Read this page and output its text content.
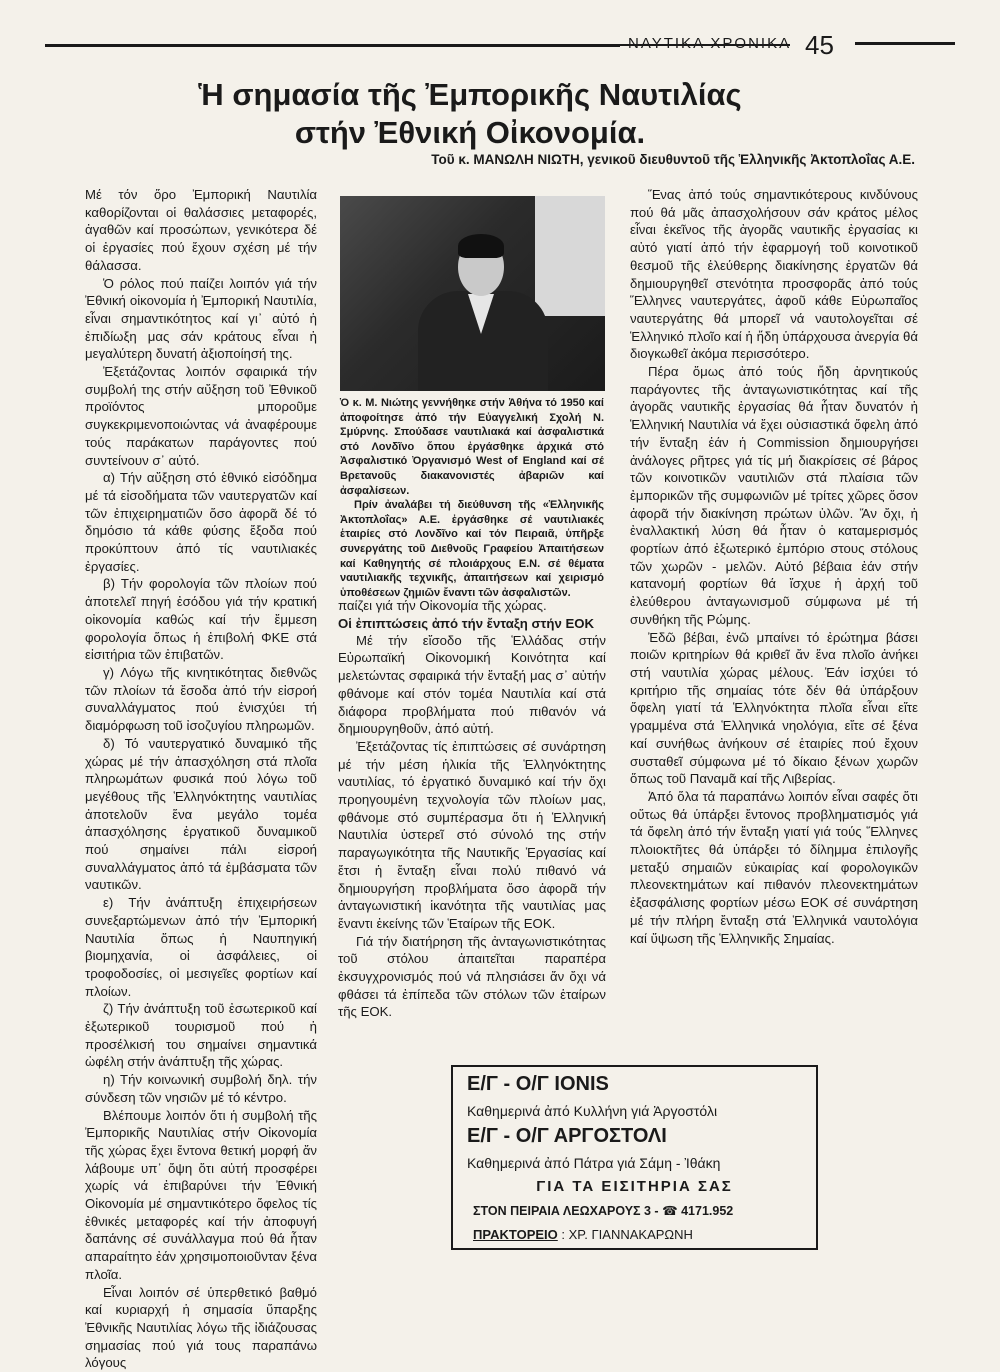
ΝΑΥΤΙΚΑ ΧΡΟΝΙΚΑ 45
Ἡ σημασία τῆς Ἐμπορικῆς Ναυτιλίας
στήν Ἐθνική Οἰκονομία.
Τοῦ κ. ΜΑΝΩΛΗ ΝΙΩΤΗ, γενικοῦ διευθυντοῦ τῆς Ἑλληνικῆς Ἀκτοπλοΐας Α.Ε.

Μέ τόν ὅρο Ἐμπορική Ναυτιλία καθορίζονται οἱ θαλάσσιες μεταφορές, ἀγαθῶν καί προσώπων, γενικότερα δέ οἱ ἐργασίες πού ἔχουν σχέση μέ τήν θάλασσα.

Ὁ ρόλος πού παίζει λοιπόν γιά τήν Ἐθνική οἰκονομία ἡ Ἐμπορική Ναυτιλία, εἶναι σημαντικότητος καί γι᾽ αὐτό ἡ ἐπιδίωξη μας σάν κράτους εἶναι ἡ μεγαλύτερη δυνατή ἀξιοποίησή της.

Ἐξετάζοντας λοιπόν σφαιρικά τήν συμβολή της στήν αὔξηση τοῦ Ἐθνικοῦ προϊόντος μποροῦμε συγκεκριμενοποιώντας νά ἀναφέρουμε τούς παράκατων παράγοντες πού συντείνουν σ᾽ αὐτό.

α) Τήν αὔξηση στό ἐθνικό εἰσόδημα μέ τά εἰσοδήματα τῶν ναυτεργατῶν καί τῶν ἐπιχειρηματιῶν ὅσο ἀφορᾶ δέ τό δημόσιο τά κάθε φύσης ἔξοδα πού προκύπτουν ἀπό τίς ναυτιλιακές ἐργασίες.

β) Τήν φορολογία τῶν πλοίων πού ἀποτελεῖ πηγή ἐσόδου γιά τήν κρατική οἰκονομία καθώς καί τήν ἔμμεση φορολογία ὅπως ἡ ἐπιβολή ΦΚΕ στά εἰσιτήρια τῶν ἐπιβατῶν.

γ) Λόγω τῆς κινητικότητας διεθνῶς τῶν πλοίων τά ἔσοδα ἀπό τήν εἰσροή συναλλάγματος πού ἐνισχύει τή διαμόρφωση τοῦ ἰσοζυγίου πληρωμῶν.

δ) Τό ναυτεργατικό δυναμικό τῆς χώρας μέ τήν ἀπασχόληση στά πλοῖα πληρωμάτων φυσικά πού λόγω τοῦ μεγέθους τῆς Ἑλληνόκτητης ναυτιλίας ἀποτελοῦν ἕνα μεγάλο τομέα ἀπασχόλησης ἐργατικοῦ δυναμικοῦ πού σημαίνει πάλι εἰσροή συναλλάγματος ἀπό τά ἐμβάσματα τῶν ναυτικῶν.

ε) Τήν ἀνάπτυξη ἐπιχειρήσεων συνεξαρτώμενων ἀπό τήν Ἐμπορική Ναυτιλία ὅπως ἡ Ναυπηγική βιομηχανία, οἱ ἀσφάλειες, οἱ τροφοδοσίες, οἱ μεσιγεῖες φορτίων καί πλοίων.

ζ) Τήν ἀνάπτυξη τοῦ ἐσωτερικοῦ καί ἐξωτερικοῦ τουρισμοῦ πού ἡ προσέλκισή του σημαίνει σημαντικά ὠφέλη στήν ἀνάπτυξη τῆς χώρας.

η) Τήν κοινωνική συμβολή δηλ. τήν σύνδεση τῶν νησιῶν μέ τό κέντρο.

Βλέπουμε λοιπόν ὅτι ἡ συμβολή τῆς Ἐμπορικῆς Ναυτιλίας στήν Οἰκονομία τῆς χώρας ἔχει ἔντονα θετική μορφή ἄν λάβουμε υπ᾽ ὄψη ὅτι αὐτή προσφέρει χωρίς νά ἐπιβαρύνει τήν Ἐθνική Οἰκονομία μέ σημαντικότερο ὄφελος τίς ἐθνικές μεταφορές καί τήν ἀποφυγή δαπάνης σέ συνάλλαγμα πού θά ἦταν απαραίτητο ἐάν χρησιμοποιοῦνταν ξένα πλοῖα.

Εἶναι λοιπόν σέ ὑπερθετικό βαθμό καί κυριαρχή ἡ σημασία ὕπαρξης Ἐθνικῆς Ναυτιλίας λόγω τῆς ἰδιάζουσας σημασίας πού γιά τους παραπάνω λόγους

Ὁ κ. Μ. Νιώτης γεννήθηκε στήν Ἀθήνα τό 1950 καί ἀποφοίτησε ἀπό τήν Εὐαγγελική Σχολή Ν. Σμύρνης. Σπούδασε ναυτιλιακά καί ἀσφαλιστικά στό Λονδῖνο ὅπου ἐργάσθηκε ἀρχικά στό Ἀσφαλιστικό Ὀργανισμό West of England καί σέ Βρετανοῦς διακανονιστές ἀβαριῶν καί ἀσφαλίσεων.

Πρίν ἀναλάβει τή διεύθυνση τῆς «Ἑλληνικῆς Ἀκτοπλοΐας» Α.Ε. ἐργάσθηκε σέ ναυτιλιακές ἑταιρίες στό Λονδῖνο καί τόν Πειραιᾶ, ὑπῆρξε συνεργάτης τοῦ Διεθνοῦς Γραφείου Ἀπαιτήσεων καί Καθηγητής σέ πλοιάρχους Ε.Ν. σέ θέματα ναυτιλιακῆς τεχνικῆς, ἀπαιτήσεων καί χειρισμό ὑποθέσεων ζημιῶν ἔναντι τῶν ἀσφαλιστῶν.

παίζει γιά τήν Οἰκονομία τῆς χώρας.

Οἱ ἐπιπτώσεις ἀπό τήν ἔνταξη στήν ΕΟΚ

Μέ τήν εἴσοδο τῆς Ἑλλάδας στήν Εὐρωπαϊκή Οἰκονομική Κοινότητα καί μελετώντας σφαιρικά τήν ἔνταξή μας σ᾽ αὐτήν φθάνομε καί στόν τομέα Ναυτιλία καί στά διάφορα προβλήματα πού πιθανόν νά δημιουργηθοῦν, ἀπό αὐτή.

Ἐξετάζοντας τίς ἐπιπτώσεις σέ συνάρτηση μέ τήν μέση ἡλικία τῆς Ἑλληνόκτητης ναυτιλίας, τό ἐργατικό δυναμικό καί τήν ὄχι προηγουμένη τεχνολογία τῶν πλοίων μας, φθάνομε στό συμπέρασμα ὅτι ἡ Ἑλληνική Ναυτιλία ὑστερεῖ στό σύνολό της στήν παραγωγικότητα τῆς Ναυτικῆς Ἐργασίας καί ἔτσι ἡ ἔνταξη εἶναι πολύ πιθανό νά δημιουργήση προβλήματα ὅσο ἀφορᾶ τήν ἀνταγωνιστική ἱκανότητα τῆς ναυτιλίας μας ἔναντι ἐκείνης τῶν Ἑταίρων τῆς ΕΟΚ.

Γιά τήν διατήρηση τῆς ἀνταγωνιστικότητας τοῦ στόλου ἀπαιτεῖται παραπέρα ἐκσυγχρονισμός πού νά πλησιάσει ἄν ὄχι νά φθάσει τά ἐπίπεδα τῶν στόλων τῶν ἑταίρων τῆς ΕΟΚ.

Ἕνας ἀπό τούς σημαντικότερους κινδύνους πού θά μᾶς ἀπασχολήσουν σάν κράτος μέλος εἶναι ἐκεῖνος τῆς ἀγορᾶς ναυτικῆς ἐργασίας κι αὐτό γιατί ἀπό τήν ἐφαρμογή τοῦ κοινοτικοῦ θεσμοῦ τῆς ἐλεύθερης διακίνησης ἐργατῶν θά δημιουργηθεῖ στενότητα προσφορᾶς ἀπό τούς Ἕλληνες ναυτεργάτες, ἀφοῦ κάθε Εὐρωπαῖος ναυτεργάτης θά μπορεῖ νά ναυτολογεῖται σέ Ἑλληνικό πλοῖο καί ἡ ἤδη ὑπάρχουσα ἀνεργία θά διογκωθεῖ ἀκόμα περισσότερο.

Πέρα ὅμως ἀπό τούς ἤδη ἀρνητικούς παράγοντες τῆς ἀνταγωνιστικότητας καί τῆς ἀγορᾶς ναυτικῆς ἐργασίας θά ἦταν δυνατόν ἡ Ἑλληνική Ναυτιλία νά ἔχει οὐσιαστικά ὄφελη ἀπό τήν ἔνταξη ἐάν ἡ Commission δημιουργήσει ἀνάλογες ρῆτρες γιά τίς μή διακρίσεις σέ βάρος τῶν κοινοτικῶν ναυτιλιῶν στά πλαίσια τῶν ἐμπορικῶν τῆς συμφωνιῶν μέ τρίτες χῶρες ὅσον ἀφορᾶ τήν διακίνηση πρώτων ὑλῶν. Ἄν ὄχι, ἡ ἐναλλακτική λύση θά ἦταν ὁ καταμερισμός φορτίων ἀπό ἐξωτερικό ἐμπόριο στους στόλους τῶν χωρῶν - μελῶν. Αὐτό βέβαια ἐάν στήν κατανομή φορτίων θά ἴσχυε ἡ ἀρχή τοῦ ἐλεύθερου ἀνταγωνισμοῦ σύμφωνα μέ τή συνθήκη τῆς Ρώμης.

Ἐδῶ βέβαι, ἐνῶ μπαίνει τό ἐρώτημα βάσει ποιῶν κριτηρίων θά κριθεῖ ἄν ἕνα πλοῖο ἀνήκει στή ναυτιλία χώρας μέλους. Ἐάν ἰσχύει τό κριτήριο τῆς σημαίας τότε δέν θά ὑπάρξουν ὄφελη γιατί τά Ἑλληνόκτητα πλοῖα εἶναι εἴτε γραμμένα στά Ἑλληνικά νηολόγια, εἴτε σέ ξένα καί συνήθως ἀνήκουν σέ ἑταιρίες πού ἔχουν συσταθεῖ σύμφωνα μέ τό δίκαιο ξένων χωρῶν ὅπως τοῦ Παναμᾶ καί τῆς Λιβερίας.

Ἀπό ὅλα τά παραπάνω λοιπόν εἶναι σαφές ὅτι οὕτως θά ὑπάρξει ἔντονος προβληματισμός γιά τά ὄφελη ἀπό τήν ἔνταξη γιατί γιά τούς Ἕλληνες πλοιοκτῆτες θά ὑπάρξει τό δίλημμα ἐπιλογῆς μεταξύ σημαιῶν εὐκαιρίας καί φορολογικῶν πλεονεκτημάτων καί πιθανόν πλεονεκτημάτων ἐξασφάλισης φορτίων μέσω ΕΟΚ σέ συνάρτηση μέ τήν πλήρη ἔνταξη στά Ἑλληνικά ναυτολόγια καί ὕψωση τῆς Ἑλληνικῆς Σημαίας.

Ε/Γ - Ο/Γ IONIS
Καθημερινά ἀπό Κυλλήνη γιά Ἀργοστόλι
Ε/Γ - Ο/Γ ΑΡΓΟΣΤΟΛΙ
Καθημερινά ἀπό Πάτρα γιά Σάμη - Ἰθάκη
ΓΙΑ ΤΑ ΕΙΣΙΤΗΡΙΑ ΣΑΣ
ΣΤΟΝ ΠΕΙΡΑΙΑ ΛΕΩΧΑΡΟΥΣ 3 - ☎ 4171.952
ΠΡΑΚΤΟΡΕΙΟ : ΧΡ. ΓΙΑΝΝΑΚΑΡΩΝΗ
